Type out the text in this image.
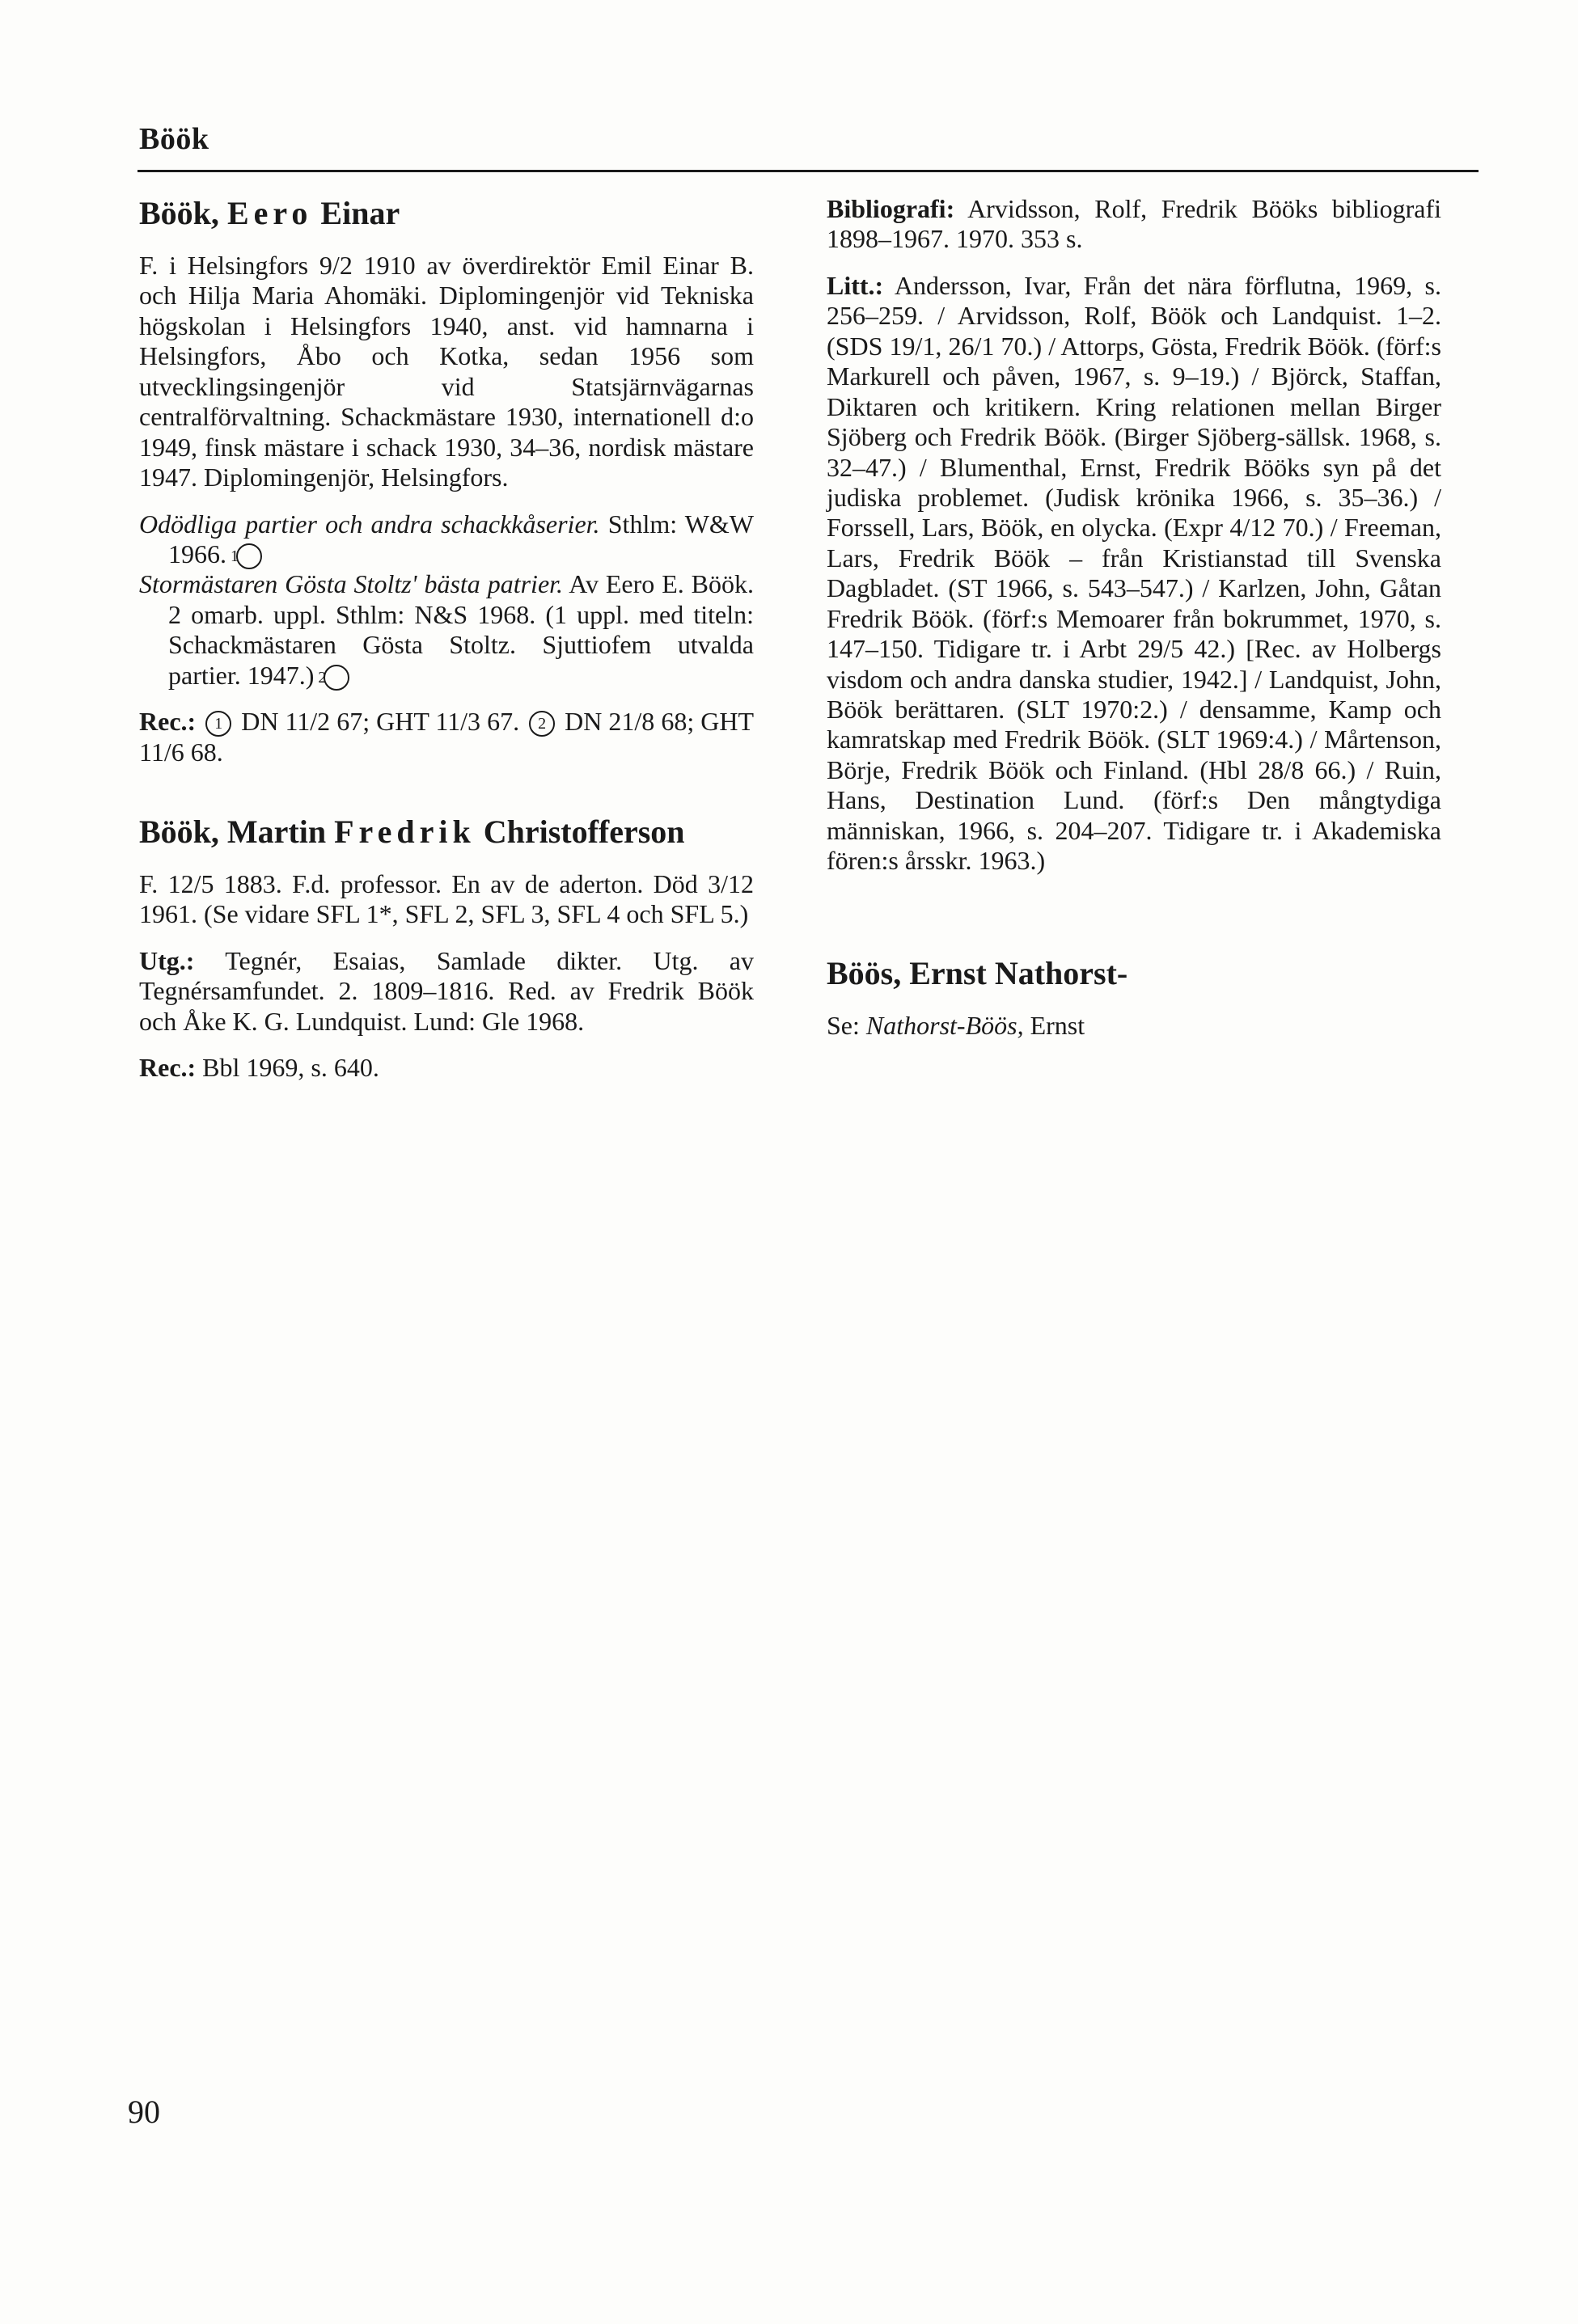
Böök
Böök, Eero Einar

F. i Helsingfors 9/2 1910 av överdirektör Emil Einar B. och Hilja Maria Ahomäki. Diplomingenjör vid Tekniska högskolan i Helsingfors 1940, anst. vid hamnarna i Helsingfors, Åbo och Kotka, sedan 1956 som utvecklingsingenjör vid Statsjärnvägarnas centralförvaltning. Schackmästare 1930, internationell d:o 1949, finsk mästare i schack 1930, 34–36, nordisk mästare 1947. Diplomingenjör, Helsingfors.

Odödliga partier och andra schackkåserier. Sthlm: W&W 1966. 1

Stormästaren Gösta Stoltz' bästa patrier. Av Eero E. Böök. 2 omarb. uppl. Sthlm: N&S 1968. (1 uppl. med titeln: Schackmästaren Gösta Stoltz. Sjuttiofem utvalda partier. 1947.) 2

Rec.: 1 DN 11/2 67; GHT 11/3 67. 2 DN 21/8 68; GHT 11/6 68.

Böök, Martin Fredrik Christofferson

F. 12/5 1883. F.d. professor. En av de aderton. Död 3/12 1961. (Se vidare SFL 1*, SFL 2, SFL 3, SFL 4 och SFL 5.)

Utg.: Tegnér, Esaias, Samlade dikter. Utg. av Tegnérsamfundet. 2. 1809–1816. Red. av Fredrik Böök och Åke K. G. Lundquist. Lund: Gle 1968.

Rec.: Bbl 1969, s. 640.

Bibliografi: Arvidsson, Rolf, Fredrik Bööks bibliografi 1898–1967. 1970. 353 s.

Litt.: Andersson, Ivar, Från det nära förflutna, 1969, s. 256–259. / Arvidsson, Rolf, Böök och Landquist. 1–2. (SDS 19/1, 26/1 70.) / Attorps, Gösta, Fredrik Böök. (förf:s Markurell och påven, 1967, s. 9–19.) / Björck, Staffan, Diktaren och kritikern. Kring relationen mellan Birger Sjöberg och Fredrik Böök. (Birger Sjöberg-sällsk. 1968, s. 32–47.) / Blumenthal, Ernst, Fredrik Bööks syn på det judiska problemet. (Judisk krönika 1966, s. 35–36.) / Forssell, Lars, Böök, en olycka. (Expr 4/12 70.) / Freeman, Lars, Fredrik Böök – från Kristianstad till Svenska Dagbladet. (ST 1966, s. 543–547.) / Karlzen, John, Gåtan Fredrik Böök. (förf:s Memoarer från bokrummet, 1970, s. 147–150. Tidigare tr. i Arbt 29/5 42.) [Rec. av Holbergs visdom och andra danska studier, 1942.] / Landquist, John, Böök berättaren. (SLT 1970:2.) / densamme, Kamp och kamratskap med Fredrik Böök. (SLT 1969:4.) / Mårtenson, Börje, Fredrik Böök och Finland. (Hbl 28/8 66.) / Ruin, Hans, Destination Lund. (förf:s Den mångtydiga människan, 1966, s. 204–207. Tidigare tr. i Akademiska fören:s årsskr. 1963.)

Böös, Ernst Nathorst-

Se: Nathorst-Böös, Ernst

90
